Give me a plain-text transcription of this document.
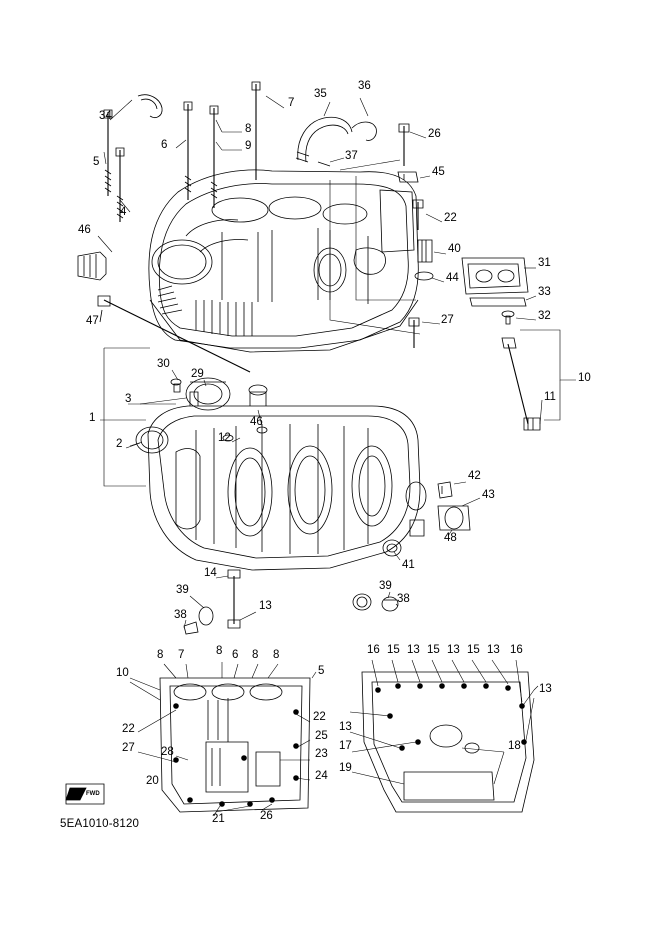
34
7
35
36
26
8
6	9
5	37
45
4	22
46
40
31
44
33
47	32
27
30
10
29
3	11
1	46
2	12
42
43
41
48
14
39	39
38
38
13
8 7	8 6 8 8	16 15 13 15 13 15 13 16
10	5
13
22
22
25
13
27 28	23
17	18
19
24
20
21	26
FWD
5EA1010-8120
